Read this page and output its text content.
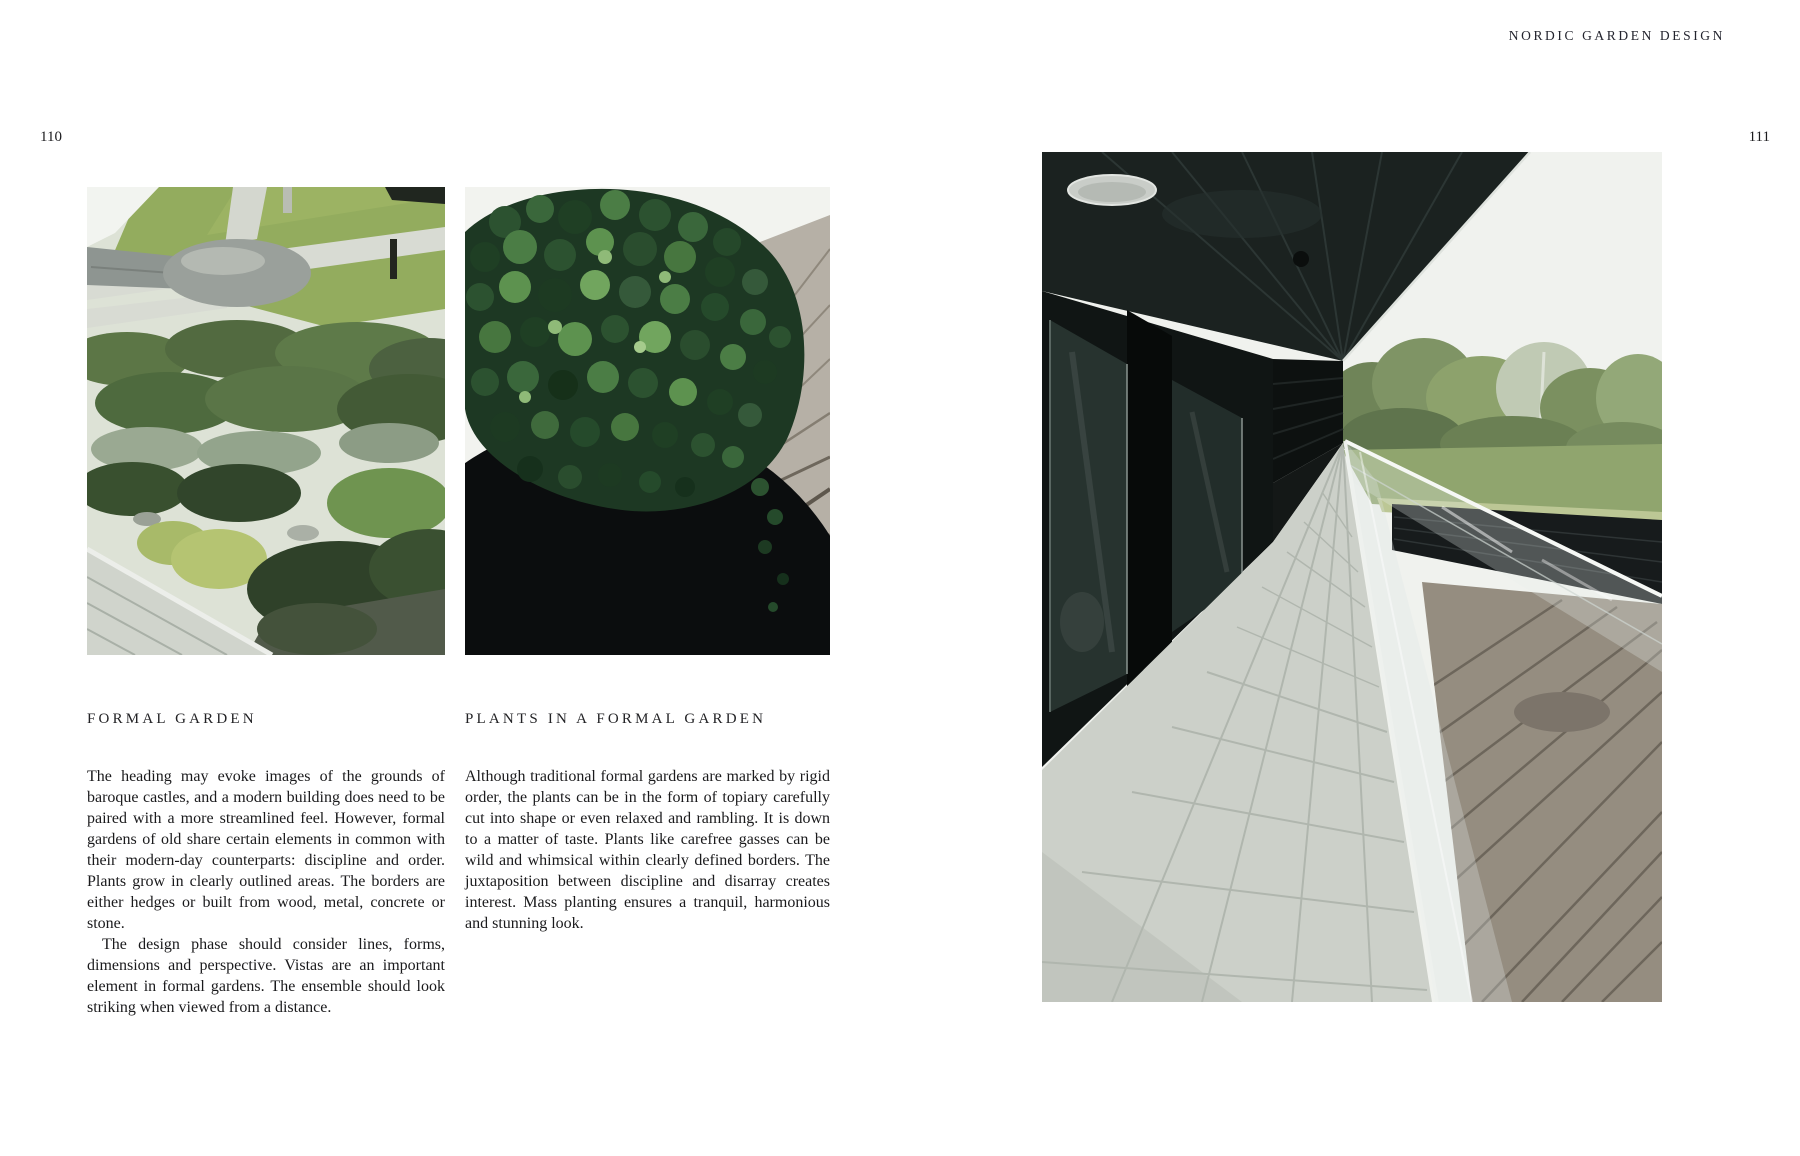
NORDIC GARDEN DESIGN
110	111
FORMAL GARDEN	PLANTS IN A FORMAL GARDEN

The heading may evoke images of the grounds of baroque castles, and a modern building does need to be paired with a more streamlined feel. However, formal gardens of old share certain elements in common with their modern-day counterparts: discipline and order. Plants grow in clearly outlined areas. The borders are either hedges or built from wood, metal, concrete or stone.

The design phase should consider lines, forms, dimensions and perspective. Vistas are an important element in formal gardens. The ensemble should look striking when viewed from a distance.

Although traditional formal gardens are marked by rigid order, the plants can be in the form of topiary carefully cut into shape or even relaxed and rambling. It is down to a matter of taste. Plants like carefree gasses can be wild and whimsical within clearly defined borders. The juxtaposition between discipline and disarray creates interest. Mass planting ensures a tranquil, harmonious and stunning look.
